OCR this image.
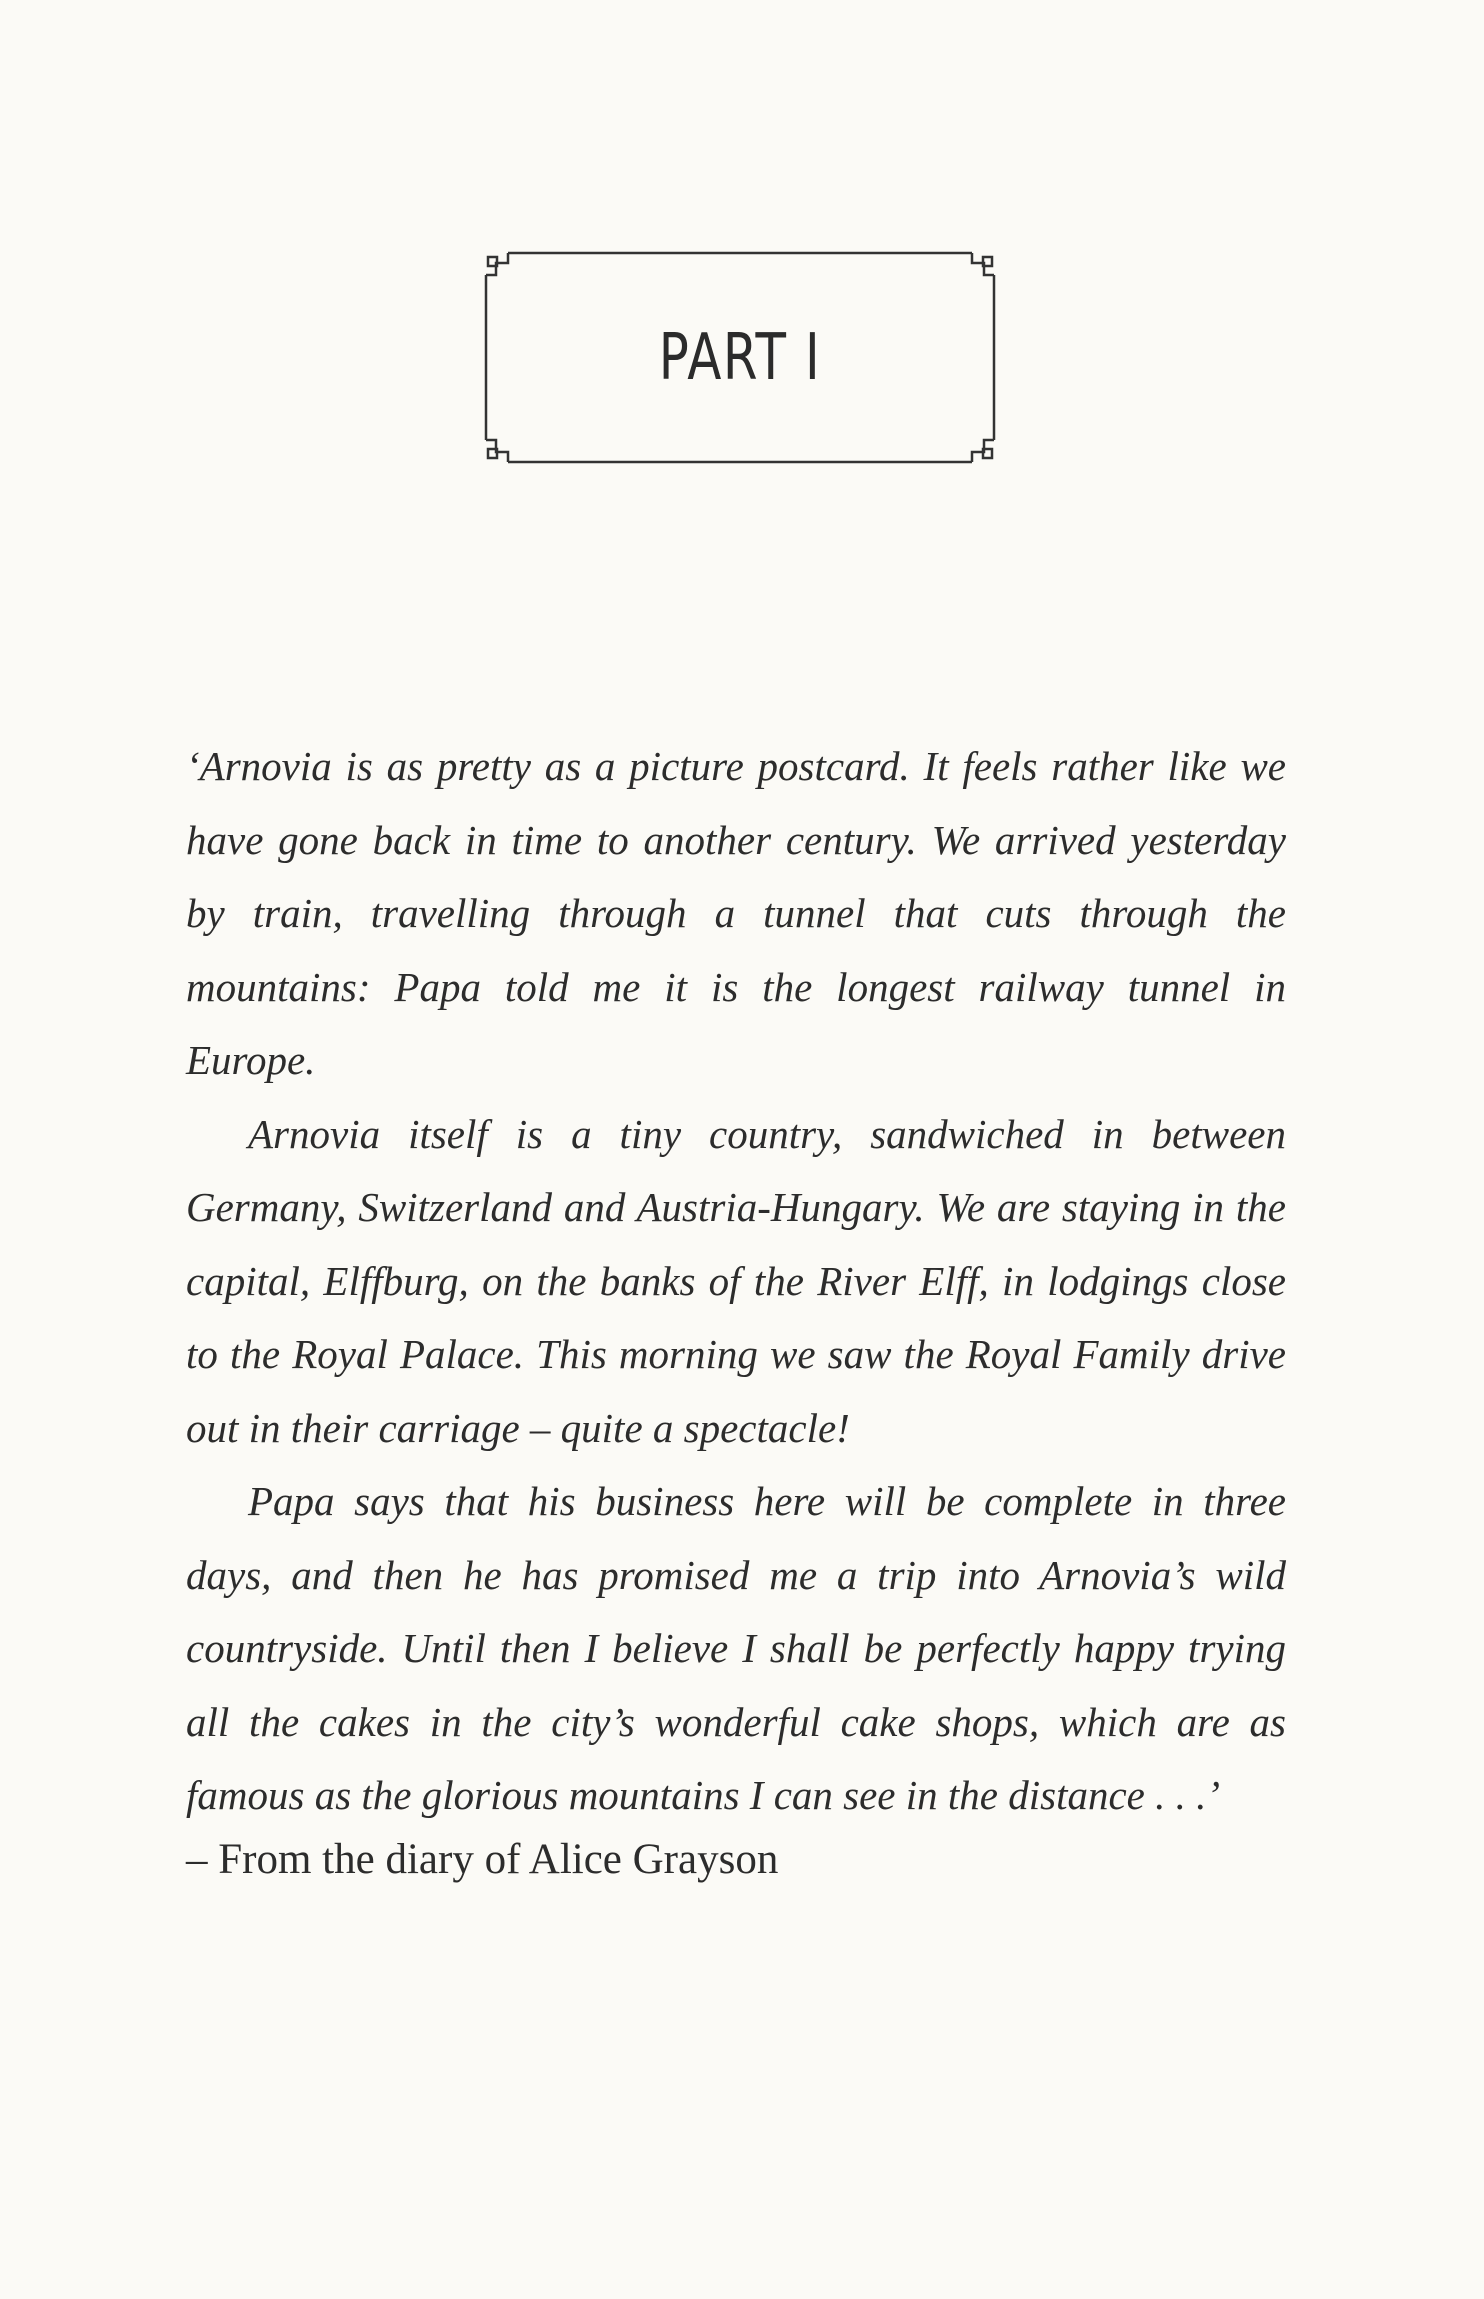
PART I

‘Arnovia is as pretty as a picture postcard. It feels rather like we have gone back in time to another century. We arrived yesterday by train, travelling through a tunnel that cuts through the mountains: Papa told me it is the longest railway tunnel in Europe.

Arnovia itself is a tiny country, sandwiched in between Germany, Switzerland and Austria-Hungary. We are staying in the capital, Elffburg, on the banks of the River Elff, in lodgings close to the Royal Palace. This morning we saw the Royal Family drive out in their carriage – quite a spectacle!

Papa says that his business here will be complete in three days, and then he has promised me a trip into Arnovia’s wild countryside. Until then I believe I shall be perfectly happy trying all the cakes in the city’s wonderful cake shops, which are as famous as the glorious mountains I can see in the distance . . .’

– From the diary of Alice Grayson
